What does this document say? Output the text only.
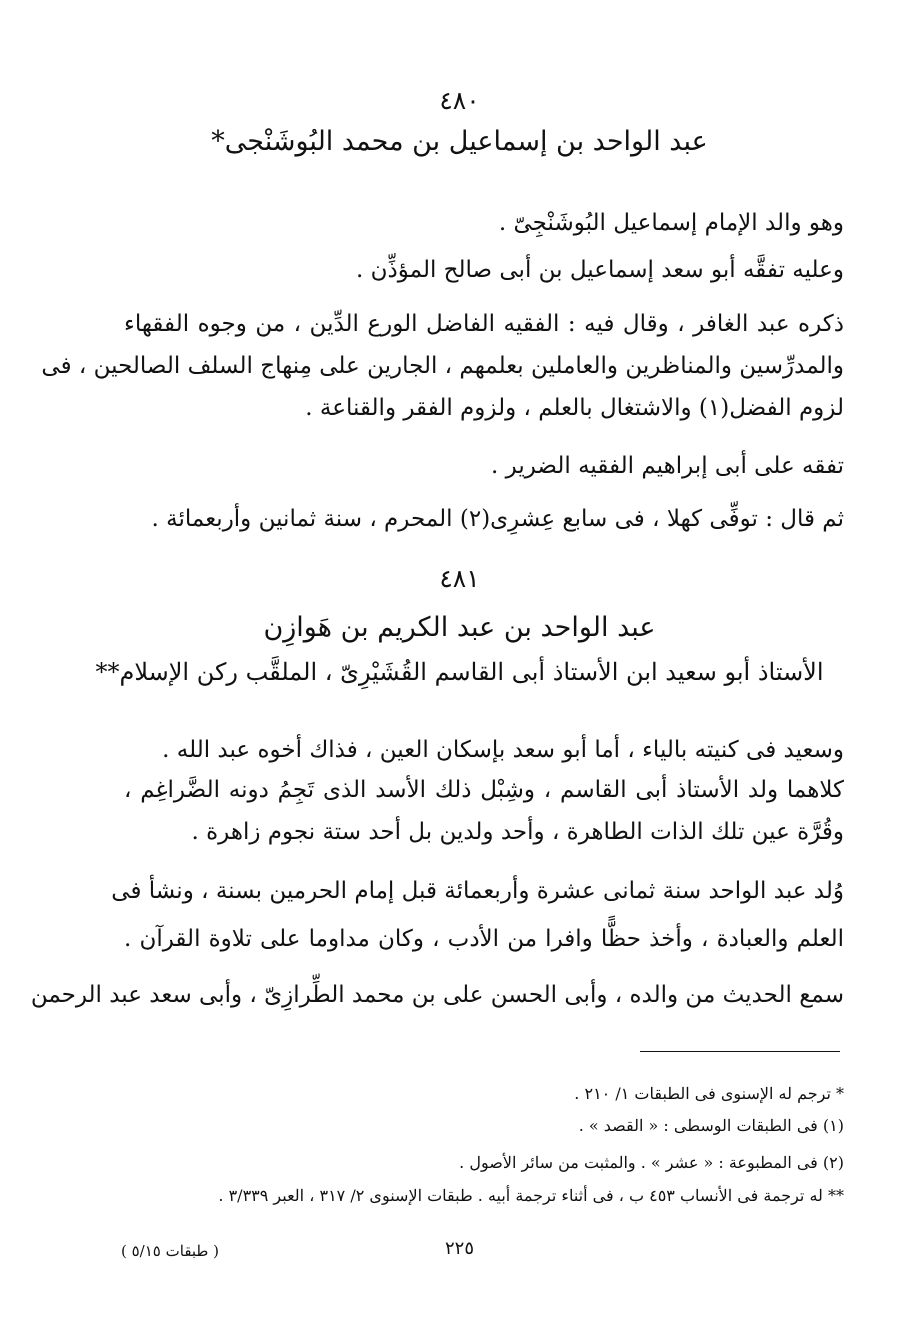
٤٨٠
عبد الواحد بن إسماعيل بن محمد البُوشَنْجى*
وهو والد الإمام إسماعيل البُوشَنْجِىّ .
وعليه تفقَّه أبو سعد إسماعيل بن أبى صالح المؤذِّن .
ذكره عبد الغافر ، وقال فيه : الفقيه الفاضل الورع الدِّين ، من وجوه الفقهاء
والمدرِّسين والمناظرين والعاملين بعلمهم ، الجارين على مِنهاج السلف الصالحين ، فى
لزوم الفضل(١) والاشتغال بالعلم ، ولزوم الفقر والقناعة .
تفقه على أبى إبراهيم الفقيه الضرير .
ثم قال : توفِّى كهلا ، فى سابع عِشرِى(٢) المحرم ، سنة ثمانين وأربعمائة .
٤٨١
عبد الواحد بن عبد الكريم بن هَوازِن
الأستاذ أبو سعيد ابن الأستاذ أبى القاسم القُشَيْرِىّ ، الملقَّب ركن الإسلام**
وسعيد فى كنيته بالياء ، أما أبو سعد بإسكان العين ، فذاك أخوه عبد الله .
كلاهما ولد الأستاذ أبى القاسم ، وشِبْل ذلك الأسد الذى تَجِمُ دونه الضَّراغِم ،
وقُرَّة عين تلك الذات الطاهرة ، وأحد ولدين بل أحد ستة نجوم زاهرة .
وُلد عبد الواحد سنة ثمانى عشرة وأربعمائة قبل إمام الحرمين بسنة ، ونشأ فى
العلم والعبادة ، وأخذ حظًّا وافرا من الأدب ، وكان مداوما على تلاوة القرآن .
سمع الحديث من والده ، وأبى الحسن على بن محمد الطِّرازِىّ ، وأبى سعد عبد الرحمن
* ترجم له الإسنوى فى الطبقات ١/ ٢١٠ .
(١) فى الطبقات الوسطى : « القصد » .
(٢) فى المطبوعة : « عشر » . والمثبت من سائر الأصول .
** له ترجمة فى الأنساب ٤٥٣ ب ، فى أثناء ترجمة أبيه . طبقات الإسنوى ٢/ ٣١٧ ، العبر ٣/٣٣٩ .
٢٢٥
( طبقات ٥/١٥ )
